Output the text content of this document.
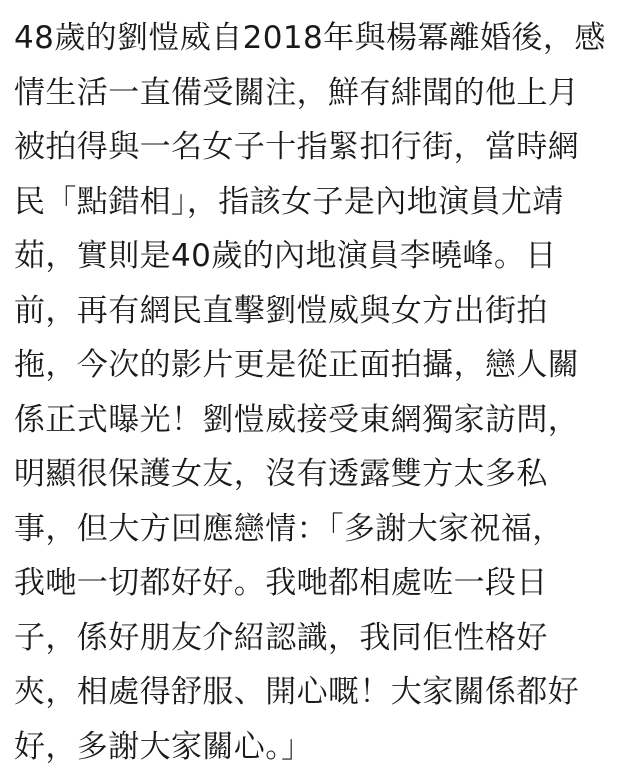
48歲的劉愷威自2018年與楊冪離婚後，感
情生活一直備受關注，鮮有緋聞的他上月
被拍得與一名女子十指緊扣行街，當時網
民「點錯相」，指該女子是內地演員尤靖
茹，實則是40歲的內地演員李曉峰。日
前，再有網民直擊劉愷威與女方出街拍
拖，今次的影片更是從正面拍攝，戀人關
係正式曝光！劉愷威接受東網獨家訪問，
明顯很保護女友，沒有透露雙方太多私
事，但大方回應戀情：「多謝大家祝福，
我哋一切都好好。我哋都相處咗一段日
子，係好朋友介紹認識，我同佢性格好
夾，相處得舒服、開心嘅！大家關係都好
好，多謝大家關心。」
